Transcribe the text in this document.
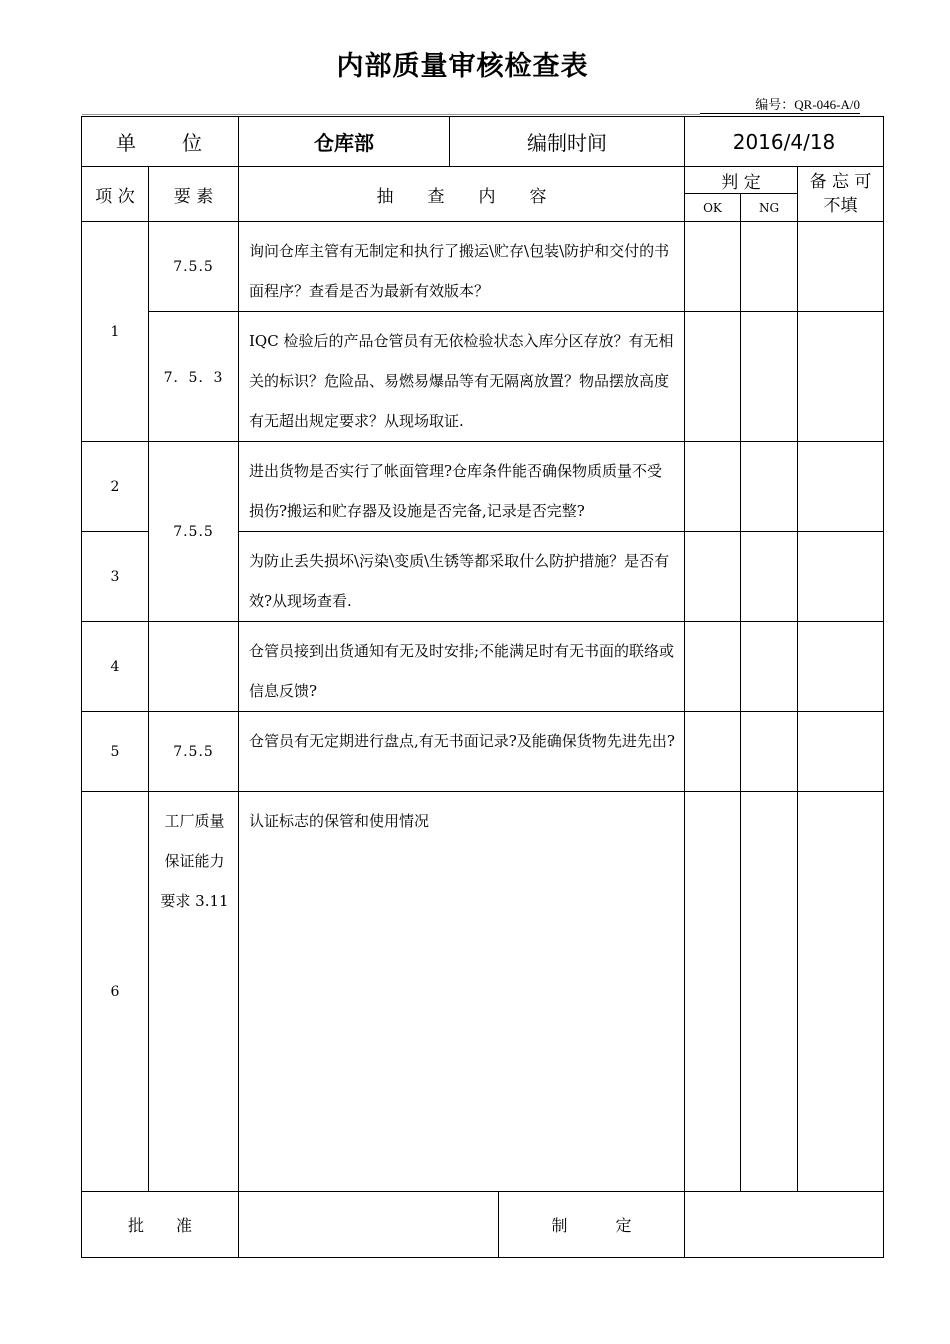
内部质量审核检查表
编号：QR-046-A/0
单　　位		仓库部	编制时间	2016/4/18		
项 次	要 素	抽　　查　　内　　容		判 定		备 忘 可不填
				OK	NG	
1	7.5.5	询问仓库主管有无制定和执行了搬运\贮存\包装\防护和交付的书面程序？查看是否为最新有效版本？				
	7．5．3	IQC 检验后的产品仓管员有无依检验状态入库分区存放？有无相关的标识？危险品、易燃易爆品等有无隔离放置？物品摆放高度有无超出规定要求？从现场取证.				
2	7.5.5	进出货物是否实行了帐面管理?仓库条件能否确保物质质量不受损伤?搬运和贮存器及设施是否完备,记录是否完整?				
3		为防止丢失损坏\污染\变质\生锈等都采取什么防护措施？是否有效?从现场查看.				
4		仓管员接到出货通知有无及时安排;不能满足时有无书面的联络或信息反馈?				
5	7.5.5	仓管员有无定期进行盘点,有无书面记录?及能确保货物先进先出?				
6	工厂质量保证能力要求 3.11	认证标志的保管和使用情况				
批　　准		制　　　定				
